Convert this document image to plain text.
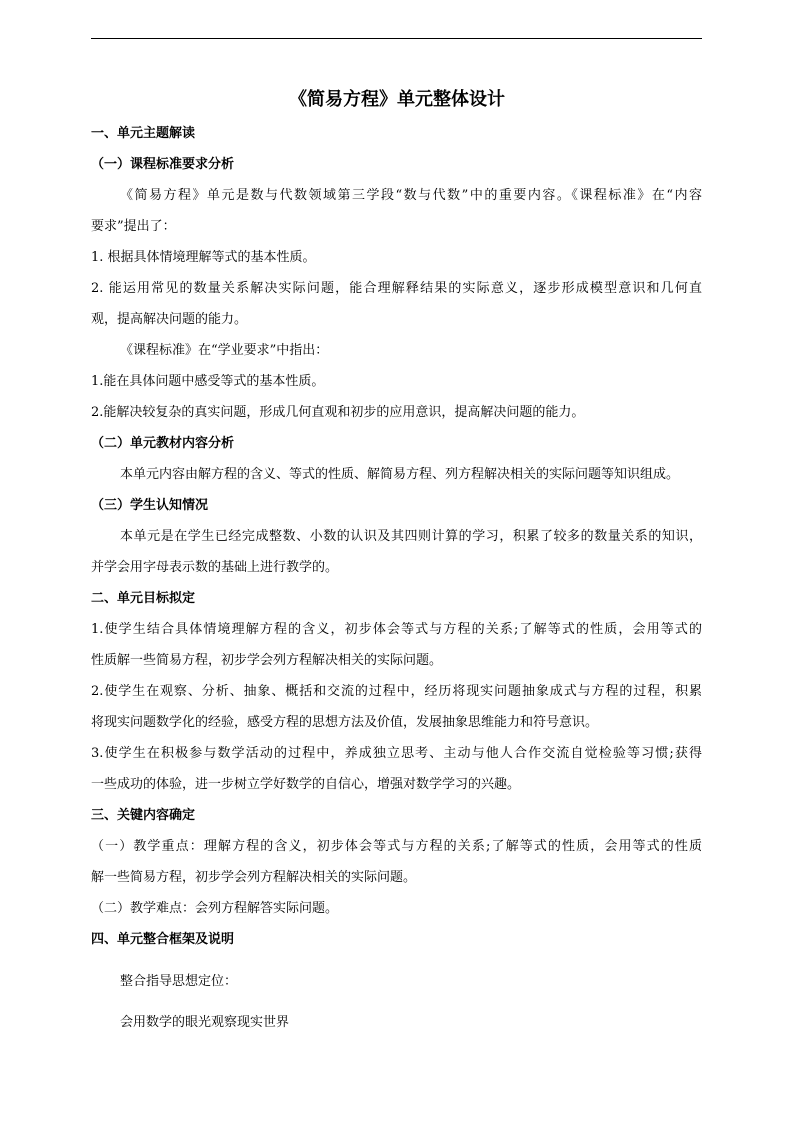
《简易方程》单元整体设计
一、单元主题解读
（一）课程标准要求分析
《简易方程》单元是数与代数领域第三学段“数与代数”中的重要内容。《课程标准》在“内容
要求”提出了：
1. 根据具体情境理解等式的基本性质。
2. 能运用常见的数量关系解决实际问题，能合理解释结果的实际意义，逐步形成模型意识和几何直
观，提高解决问题的能力。
《课程标准》在“学业要求”中指出：
1.能在具体问题中感受等式的基本性质。
2.能解决较复杂的真实问题，形成几何直观和初步的应用意识，提高解决问题的能力。
（二）单元教材内容分析
本单元内容由解方程的含义、等式的性质、解简易方程、列方程解决相关的实际问题等知识组成。
（三）学生认知情况
本单元是在学生已经完成整数、小数的认识及其四则计算的学习，积累了较多的数量关系的知识，
并学会用字母表示数的基础上进行教学的。
二、单元目标拟定
1.使学生结合具体情境理解方程的含义，初步体会等式与方程的关系;了解等式的性质，会用等式的
性质解一些简易方程，初步学会列方程解决相关的实际问题。
2.使学生在观察、分析、抽象、概括和交流的过程中，经历将现实问题抽象成式与方程的过程，积累
将现实问题数学化的经验，感受方程的思想方法及价值，发展抽象思维能力和符号意识。
3.使学生在积极参与数学活动的过程中，养成独立思考、主动与他人合作交流自觉检验等习惯;获得
一些成功的体验，进一步树立学好数学的自信心，增强对数学学习的兴趣。
三、关键内容确定
（一）教学重点：理解方程的含义，初步体会等式与方程的关系;了解等式的性质，会用等式的性质
解一些简易方程，初步学会列方程解决相关的实际问题。
（二）教学难点：会列方程解答实际问题。
四、单元整合框架及说明
整合指导思想定位：
会用数学的眼光观察现实世界
